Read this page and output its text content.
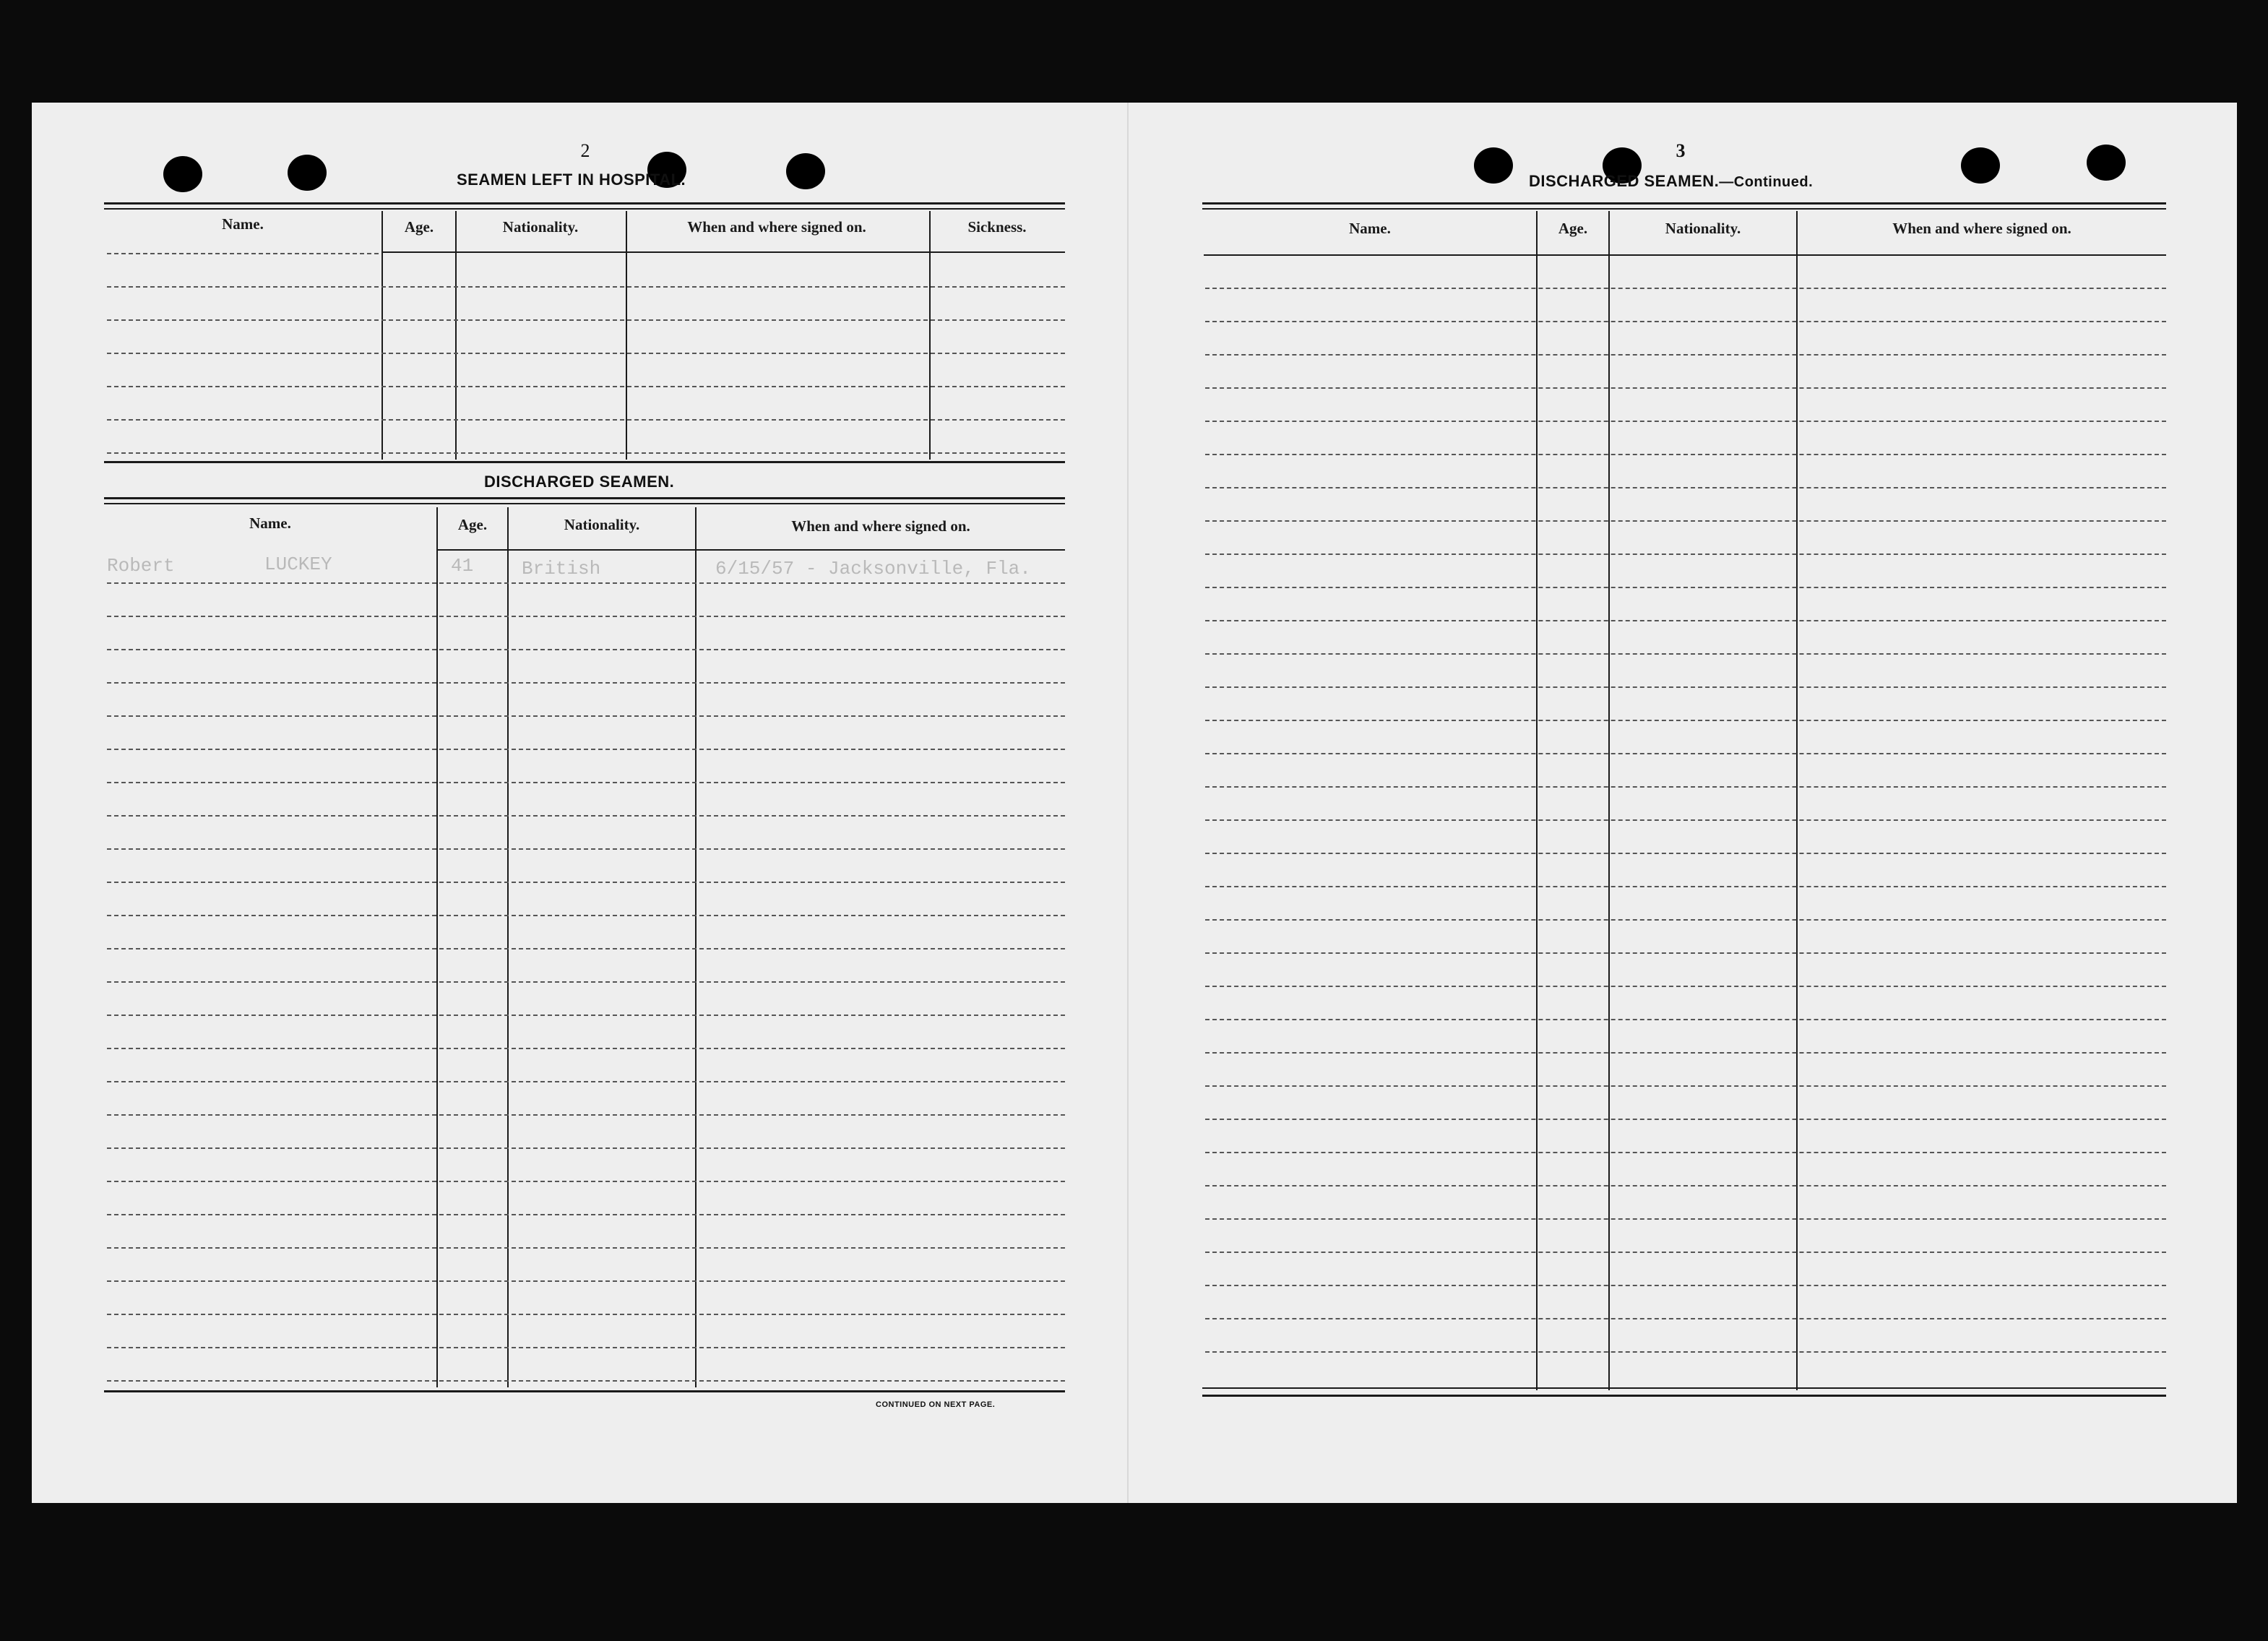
2
SEAMEN LEFT IN HOSPITAL.
Name.	Age.	Nationality.	When and where signed on.	Sickness.
DISCHARGED SEAMEN.
Name.	Age.	Nationality.	When and where signed on.
Robert	LUCKEY	41	British	6/15/57 - Jacksonville, Fla.
CONTINUED ON NEXT PAGE.
3
DISCHARGED SEAMEN.—Continued.
Name.	Age.	Nationality.	When and where signed on.
